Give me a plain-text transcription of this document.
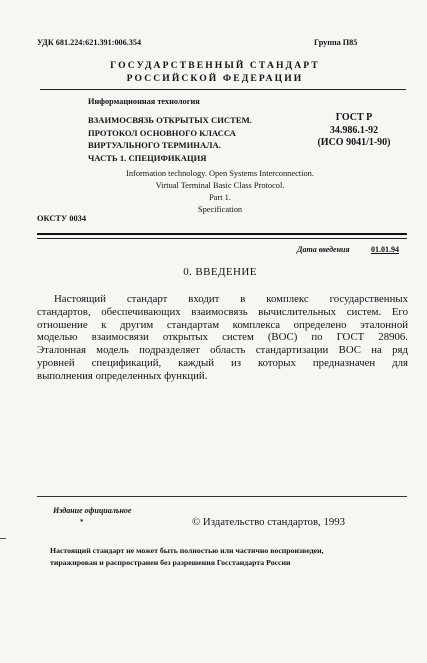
УДК 681.224:621.391:006.354	Группа П85
ГОСУДАРСТВЕННЫЙ СТАНДАРТ
РОССИЙСКОЙ ФЕДЕРАЦИИ
Информационная технология
ВЗАИМОСВЯЗЬ ОТКРЫТЫХ СИСТЕМ.
ПРОТОКОЛ ОСНОВНОГО КЛАССА
ВИРТУАЛЬНОГО ТЕРМИНАЛА.
ЧАСТЬ 1. СПЕЦИФИКАЦИЯ
ГОСТ Р
34.986.1-92
(ИСО 9041/1-90)
Information technology. Open Systems Interconnection.
Virtual Terminal Basic Class Protocol.
Part 1.
Specification
ОКСТУ 0034
Дата введения	01.01.94
0. ВВЕДЕНИЕ
Настоящий стандарт входит в комплекс государственных
стандартов, обеспечивающих взаимосвязь вычислительных систем. Его
отношение к другим стандартам комплекса определено эталонной
моделью взаимосвязи открытых систем (ВОС) по ГОСТ 28906.
Эталонная модель подразделяет область стандартизации ВОС на ряд
уровней спецификаций, каждый из которых предназначен для
выполнения определенных функций.
Издание официальное
*	© Издательство стандартов, 1993
Настоящий стандарт не может быть полностью или частично воспроизведен,
тиражирован и распространен без разрешения Госстандарта России
